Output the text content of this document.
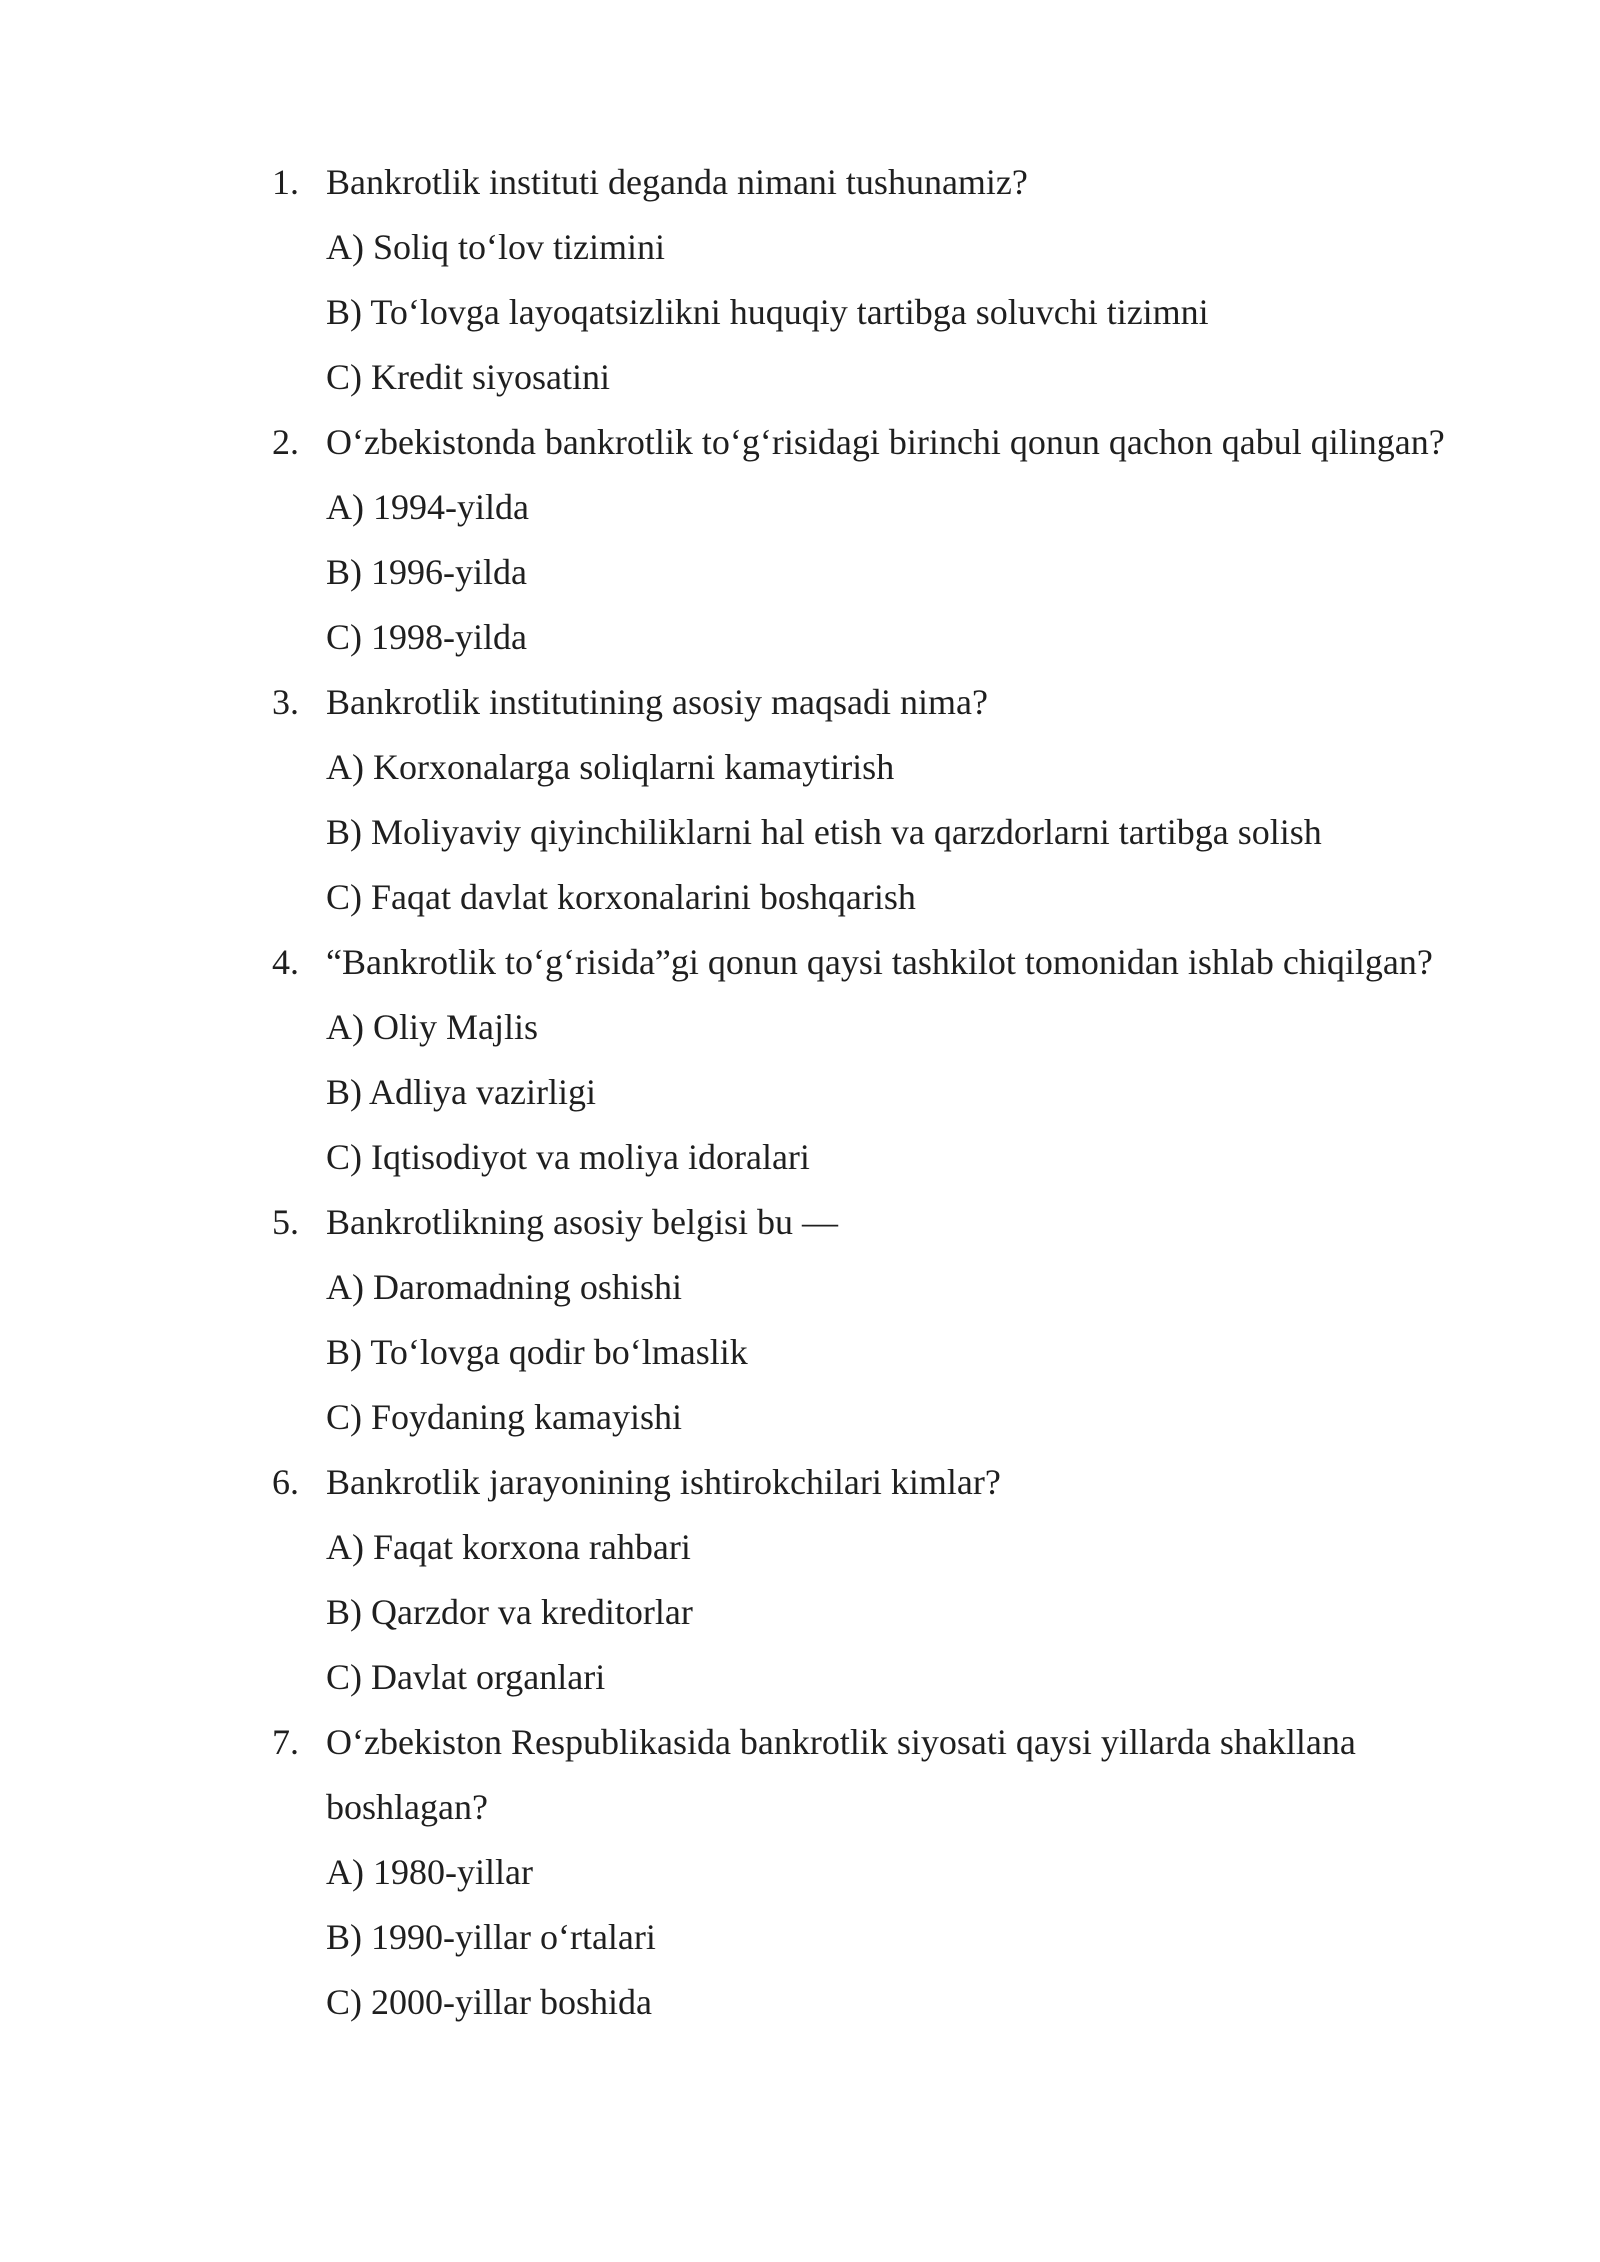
1. Bankrotlik instituti deganda nimani tushunamiz?
A) Soliq to‘lov tizimini
B) To‘lovga layoqatsizlikni huquqiy tartibga soluvchi tizimni
C) Kredit siyosatini
2. O‘zbekistonda bankrotlik to‘g‘risidagi birinchi qonun qachon qabul qilingan?
A) 1994-yilda
B) 1996-yilda
C) 1998-yilda
3. Bankrotlik institutining asosiy maqsadi nima?
A) Korxonalarga soliqlarni kamaytirish
B) Moliyaviy qiyinchiliklarni hal etish va qarzdorlarni tartibga solish
C) Faqat davlat korxonalarini boshqarish
4. “Bankrotlik to‘g‘risida”gi qonun qaysi tashkilot tomonidan ishlab chiqilgan?
A) Oliy Majlis
B) Adliya vazirligi
C) Iqtisodiyot va moliya idoralari
5. Bankrotlikning asosiy belgisi bu —
A) Daromadning oshishi
B) To‘lovga qodir bo‘lmaslik
C) Foydaning kamayishi
6. Bankrotlik jarayonining ishtirokchilari kimlar?
A) Faqat korxona rahbari
B) Qarzdor va kreditorlar
C) Davlat organlari
7. O‘zbekiston Respublikasida bankrotlik siyosati qaysi yillarda shakllana boshlagan?
A) 1980-yillar
B) 1990-yillar o‘rtalari
C) 2000-yillar boshida
